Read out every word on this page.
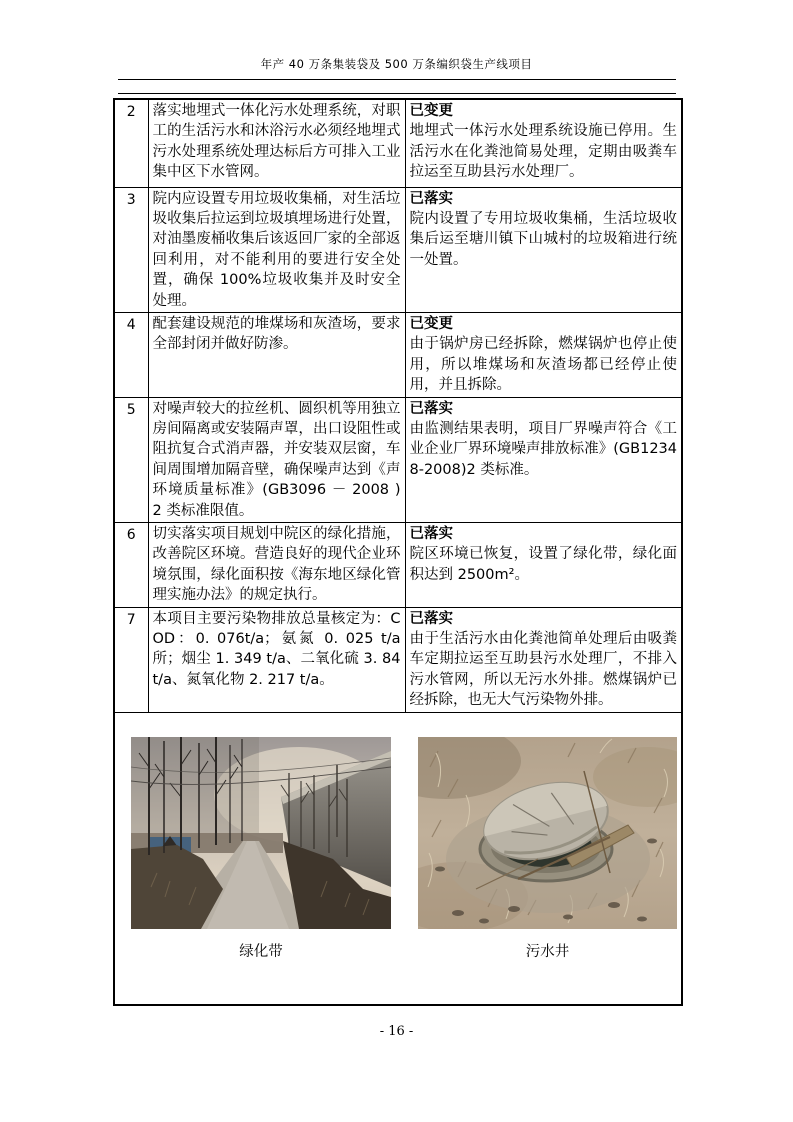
年产 40 万条集装袋及 500 万条编织袋生产线项目
2	落实地埋式一体化污水处理系统，对职工的生活污水和沐浴污水必须经地埋式污水处理系统处理达标后方可排入工业集中区下水管网。	已变更
地埋式一体污水处理系统设施已停用。生活污水在化粪池简易处理，定期由吸粪车拉运至互助县污水处理厂。

3	院内应设置专用垃圾收集桶，对生活垃圾收集后拉运到垃圾填埋场进行处置，对油墨废桶收集后该返回厂家的全部返回利用，对不能利用的要进行安全处置，确保 100%垃圾收集并及时安全处理。	已落实
院内设置了专用垃圾收集桶，生活垃圾收集后运至塘川镇下山城村的垃圾箱进行统一处置。

4	配套建设规范的堆煤场和灰渣场，要求全部封闭并做好防渗。	已变更
由于锅炉房已经拆除，燃煤锅炉也停止使用，所以堆煤场和灰渣场都已经停止使用，并且拆除。

5	对噪声较大的拉丝机、圆织机等用独立房间隔离或安装隔声罩，出口设阻性或阻抗复合式消声器，并安装双层窗，车间周围增加隔音壁，确保噪声达到《声环境质量标准》(GB3096 － 2008 ) 2 类标准限值。	已落实
由监测结果表明，项目厂界噪声符合《工业企业厂界环境噪声排放标准》(GB12348-2008)2 类标准。

6	切实落实项目规划中院区的绿化措施，改善院区环境。营造良好的现代企业环境氛围，绿化面积按《海东地区绿化管理实施办法》的规定执行。	已落实
院区环境已恢复，设置了绿化带，绿化面积达到 2500m²。

7	本项目主要污染物排放总量核定为：COD：0. 076t/a；氨氮 0. 025 t/a 所；烟尘 1. 349 t/a、二氧化硫 3. 84 t/a、氮氧化物 2. 217 t/a。	已落实
由于生活污水由化粪池简单处理后由吸粪车定期拉运至互助县污水处理厂，不排入污水管网，所以无污水外排。燃煤锅炉已经拆除，也无大气污染物外排。

绿化带 污水井		
- 16 -
